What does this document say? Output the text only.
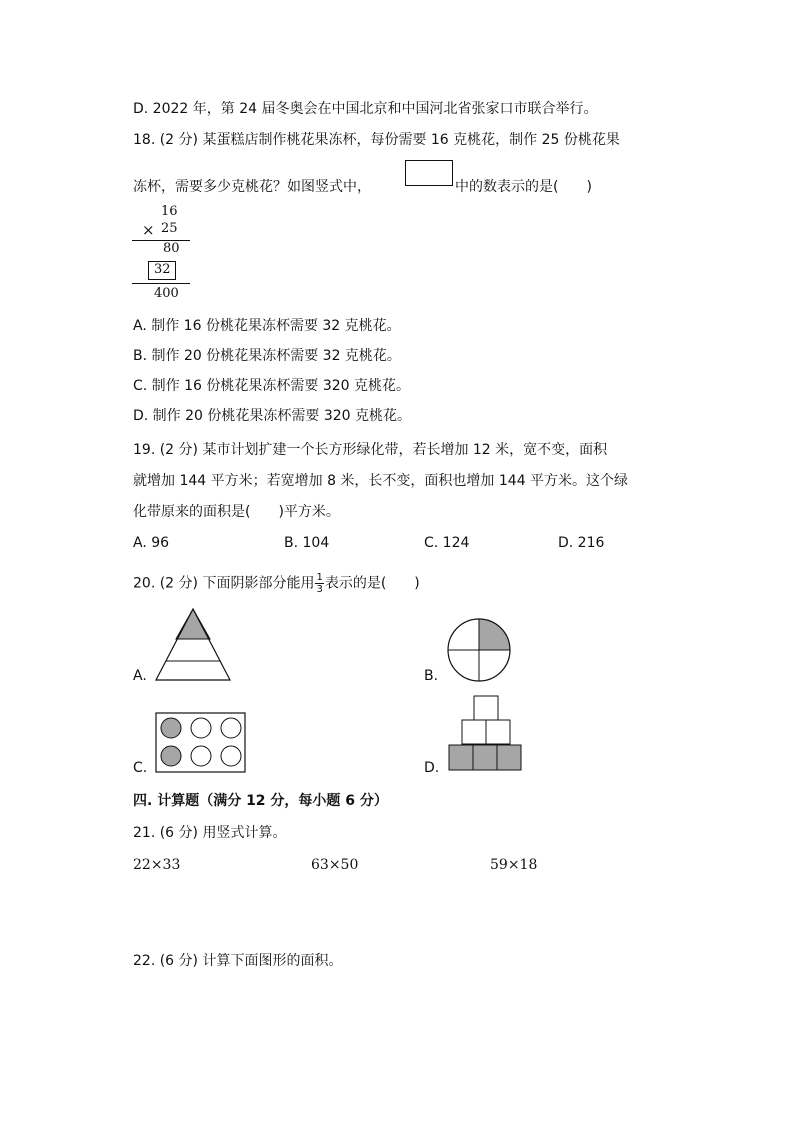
D. 2022 年，第 24 届冬奥会在中国北京和中国河北省张家口市联合举行。
18. (2 分) 某蛋糕店制作桃花果冻杯，每份需要 16 克桃花，制作 25 份桃花果
冻杯，需要多少克桃花？如图竖式中，	中的数表示的是(　　)
16
× 25
80
32
400
A. 制作 16 份桃花果冻杯需要 32 克桃花。
B. 制作 20 份桃花果冻杯需要 32 克桃花。
C. 制作 16 份桃花果冻杯需要 320 克桃花。
D. 制作 20 份桃花果冻杯需要 320 克桃花。
19. (2 分) 某市计划扩建一个长方形绿化带，若长增加 12 米，宽不变，面积
就增加 144 平方米；若宽增加 8 米，长不变，面积也增加 144 平方米。这个绿
化带原来的面积是(　　)平方米。
A. 96	B. 104	C. 124	D. 216
20. (2 分) 下面阴影部分能用 $\frac{1}{3}$ 表示的是(　　)
A.	B.
C.	D.
四. 计算题（满分 12 分，每小题 6 分）
21. (6 分) 用竖式计算。
22×33	63×50	59×18
22. (6 分) 计算下面图形的面积。
